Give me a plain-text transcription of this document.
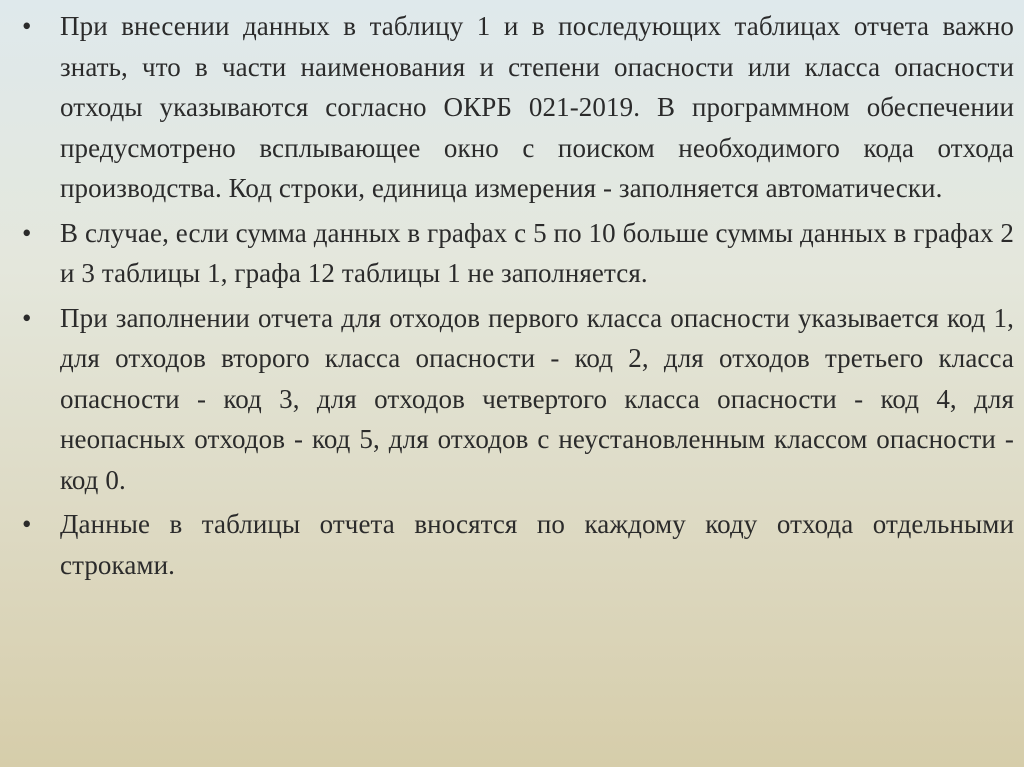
•	При внесении данных в таблицу 1 и в последующих таблицах отчета важно знать, что в части наименования и степени опасности или класса опасности отходы указываются согласно ОКРБ 021-2019. В программном обеспечении предусмотрено всплывающее окно с поиском необходимого кода отхода производства. Код строки, единица измерения - заполняется автоматически.
•	В случае, если сумма данных в графах с 5 по 10 больше суммы данных в графах 2 и 3 таблицы 1, графа 12 таблицы 1 не заполняется.
•	При заполнении отчета для отходов первого класса опасности указывается код 1, для отходов второго класса опасности - код 2, для отходов третьего класса опасности - код 3, для отходов четвертого класса опасности - код 4, для неопасных отходов - код 5, для отходов с неустановленным классом опасности - код 0.
•	Данные в таблицы отчета вносятся по каждому коду отхода отдельными строками.
